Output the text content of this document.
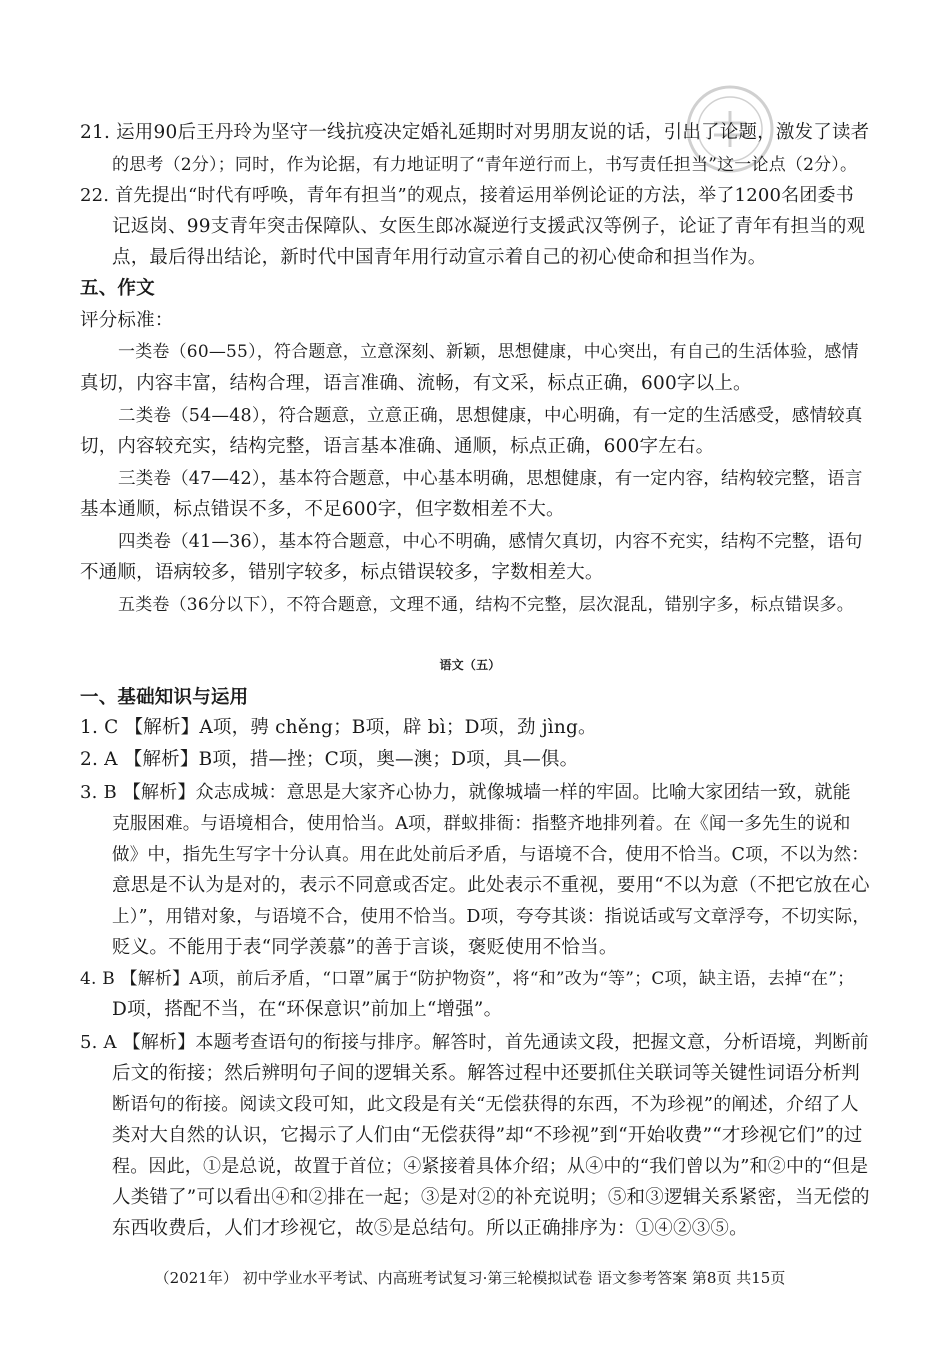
21. 运用90后王丹玲为坚守一线抗疫决定婚礼延期时对男朋友说的话，引出了论题，激发了读者
的思考（2分）；同时，作为论据，有力地证明了“青年逆行而上，书写责任担当”这一论点（2分）。
22. 首先提出“时代有呼唤，青年有担当”的观点，接着运用举例论证的方法，举了1200名团委书
记返岗、99支青年突击保障队、女医生郎冰凝逆行支援武汉等例子，论证了青年有担当的观
点，最后得出结论，新时代中国青年用行动宣示着自己的初心使命和担当作为。
五、作文
评分标准：
一类卷（60—55），符合题意，立意深刻、新颖，思想健康，中心突出，有自己的生活体验，感情
真切，内容丰富，结构合理，语言准确、流畅，有文采，标点正确，600字以上。
二类卷（54—48），符合题意，立意正确，思想健康，中心明确，有一定的生活感受，感情较真
切，内容较充实，结构完整，语言基本准确、通顺，标点正确，600字左右。
三类卷（47—42），基本符合题意，中心基本明确，思想健康，有一定内容，结构较完整，语言
基本通顺，标点错误不多，不足600字，但字数相差不大。
四类卷（41—36），基本符合题意，中心不明确，感情欠真切，内容不充实，结构不完整，语句
不通顺，语病较多，错别字较多，标点错误较多，字数相差大。
五类卷（36分以下），不符合题意，文理不通，结构不完整，层次混乱，错别字多，标点错误多。
语文（五）
一、基础知识与运用
1. C 【解析】A项，骋 chěng；B项，辟 bì；D项，劲 jìng。
2. A 【解析】B项，措—挫；C项，奥—澳；D项，具—俱。
3. B 【解析】众志成城：意思是大家齐心协力，就像城墙一样的牢固。比喻大家团结一致，就能
克服困难。与语境相合，使用恰当。A项，群蚁排衙：指整齐地排列着。在《闻一多先生的说和
做》中，指先生写字十分认真。用在此处前后矛盾，与语境不合，使用不恰当。C项，不以为然：
意思是不认为是对的，表示不同意或否定。此处表示不重视，要用“不以为意（不把它放在心
上）”，用错对象，与语境不合，使用不恰当。D项，夸夸其谈：指说话或写文章浮夸，不切实际，
贬义。不能用于表“同学羡慕”的善于言谈，褒贬使用不恰当。
4. B 【解析】A项，前后矛盾，“口罩”属于“防护物资”，将“和”改为“等”；C项，缺主语，去掉“在”；
D项，搭配不当，在“环保意识”前加上“增强”。
5. A 【解析】本题考查语句的衔接与排序。解答时，首先通读文段，把握文意，分析语境，判断前
后文的衔接；然后辨明句子间的逻辑关系。解答过程中还要抓住关联词等关键性词语分析判
断语句的衔接。阅读文段可知，此文段是有关“无偿获得的东西，不为珍视”的阐述，介绍了人
类对大自然的认识，它揭示了人们由“无偿获得”却“不珍视”到“开始收费”“才珍视它们”的过
程。因此，①是总说，故置于首位；④紧接着具体介绍；从④中的“我们曾以为”和②中的“但是
人类错了”可以看出④和②排在一起；③是对②的补充说明；⑤和③逻辑关系紧密，当无偿的
东西收费后，人们才珍视它，故⑤是总结句。所以正确排序为：①④②③⑤。
（2021年） 初中学业水平考试、内高班考试复习·第三轮模拟试卷 语文参考答案 第8页 共15页
